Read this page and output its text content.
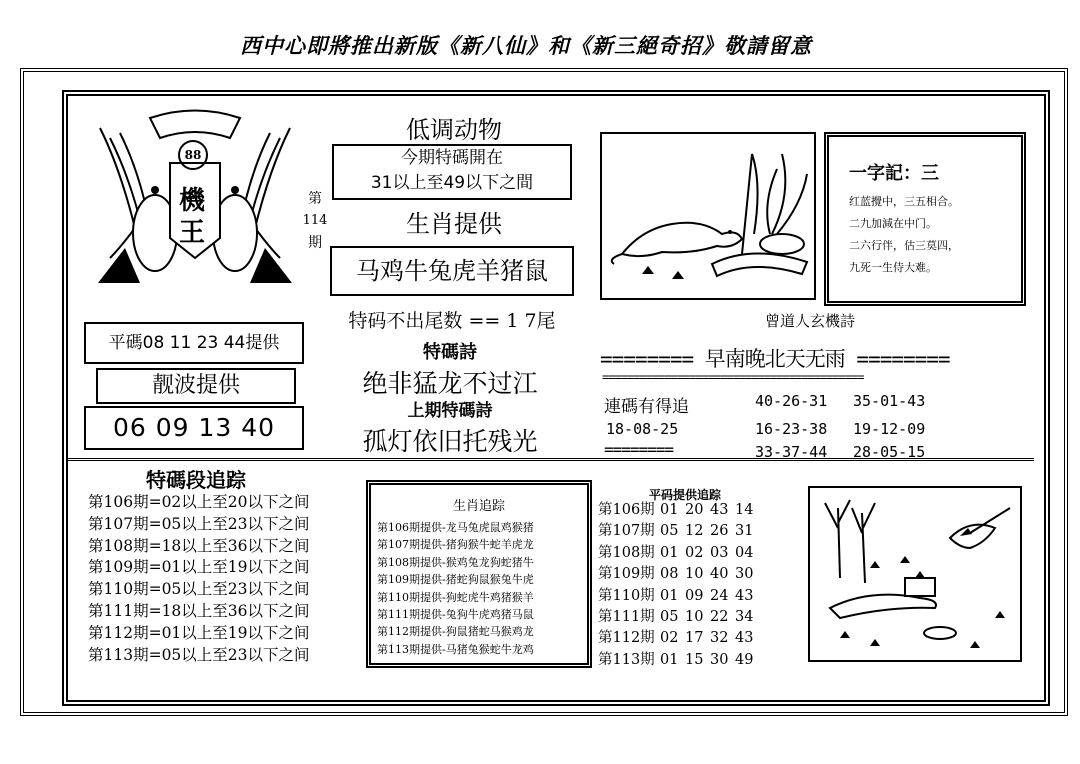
西中心即將推出新版《新八仙》和《新三絕奇招》敬請留意
88
機
王
第
114
期
平碼08 11 23 44提供
靓波提供
06 09 13 40
低调动物
今期特碼開在
31以上至49以下之間
生肖提供
马鸡牛兔虎羊猪鼠
特码不出尾数 == 1 7尾
特碼詩
绝非猛龙不过江
上期特碼詩
孤灯依旧托残光
一字記：三
红蓝攪中，三五相合。
二九加減在中门。
二六行伴，估三莫四，
九死一生侍大难。
曾道人玄機詩
======== 早南晚北天无雨 ========
==========================================
連碼有得追	40-26-31 35-01-43
18-08-25	16-23-38 19-12-09
========	33-37-44 28-05-15
特碼段追踪
第106期=02以上至20以下之间
第107期=05以上至23以下之间
第108期=18以上至36以下之间
第109期=01以上至19以下之间
第110期=05以上至23以下之间
第111期=18以上至36以下之间
第112期=01以上至19以下之间
第113期=05以上至23以下之间
生肖追踪
第106期提供-龙马兔虎鼠鸡猴猪
第107期提供-猪狗猴牛蛇羊虎龙
第108期提供-猴鸡兔龙狗蛇猪牛
第109期提供-猪蛇狗鼠猴兔牛虎
第110期提供-狗蛇虎牛鸡猪猴羊
第111期提供-兔狗牛虎鸡猪马鼠
第112期提供-狗鼠猪蛇马猴鸡龙
第113期提供-马猪兔猴蛇牛龙鸡
平码提供追踪
第106期 01 20 43 14
第107期 05 12 26 31
第108期 01 02 03 04
第109期 08 10 40 30
第110期 01 09 24 43
第111期 05 10 22 34
第112期 02 17 32 43
第113期 01 15 30 49
